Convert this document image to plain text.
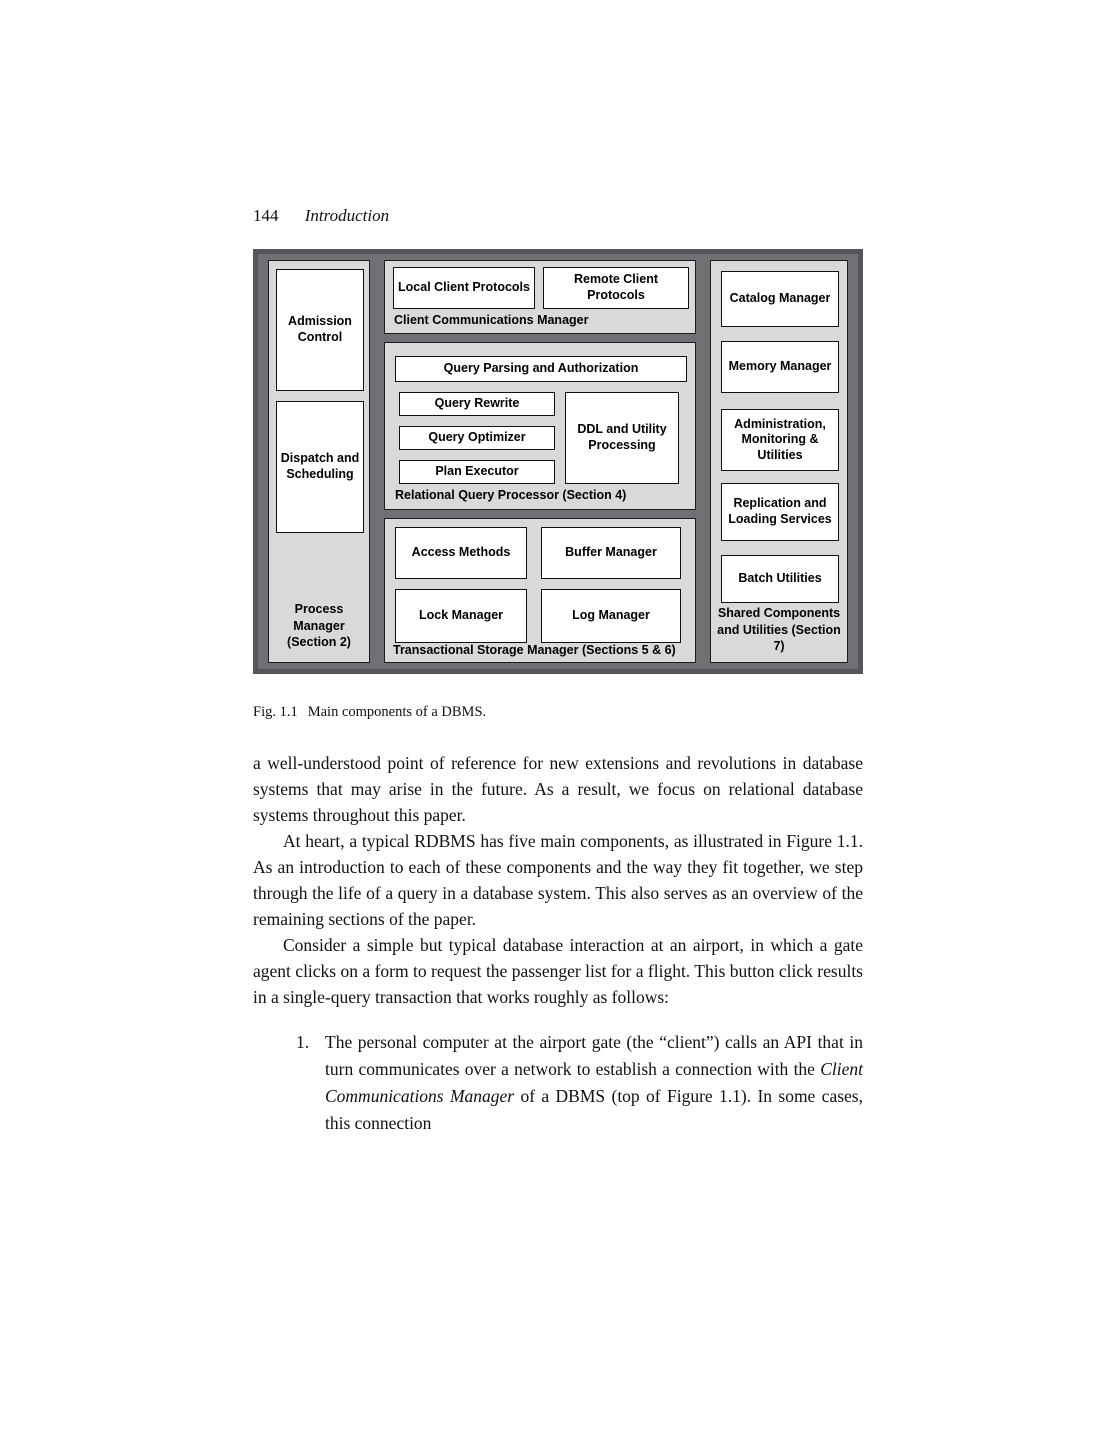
144 Introduction
Admission Control
Dispatch and Scheduling
Process Manager (Section 2)
Local Client Protocols
Remote Client Protocols
Client Communications Manager
Query Parsing and Authorization
Query Rewrite
Query Optimizer
Plan Executor
DDL and Utility Processing
Relational Query Processor (Section 4)
Access Methods	Buffer Manager
Lock Manager	Log Manager
Transactional Storage Manager (Sections 5 & 6)
Catalog Manager
Memory Manager
Administration, Monitoring & Utilities
Replication and Loading Services
Batch Utilities
Shared Components and Utilities (Section 7)
Fig. 1.1 Main components of a DBMS.

a well-understood point of reference for new extensions and revolutions in database systems that may arise in the future. As a result, we focus on relational database systems throughout this paper.

At heart, a typical RDBMS has five main components, as illustrated in Figure 1.1. As an introduction to each of these components and the way they fit together, we step through the life of a query in a database system. This also serves as an overview of the remaining sections of the paper.

Consider a simple but typical database interaction at an airport, in which a gate agent clicks on a form to request the passenger list for a flight. This button click results in a single-query transaction that works roughly as follows:

1. The personal computer at the airport gate (the “client”) calls an API that in turn communicates over a network to establish a connection with the Client Communications Manager of a DBMS (top of Figure 1.1). In some cases, this connection
